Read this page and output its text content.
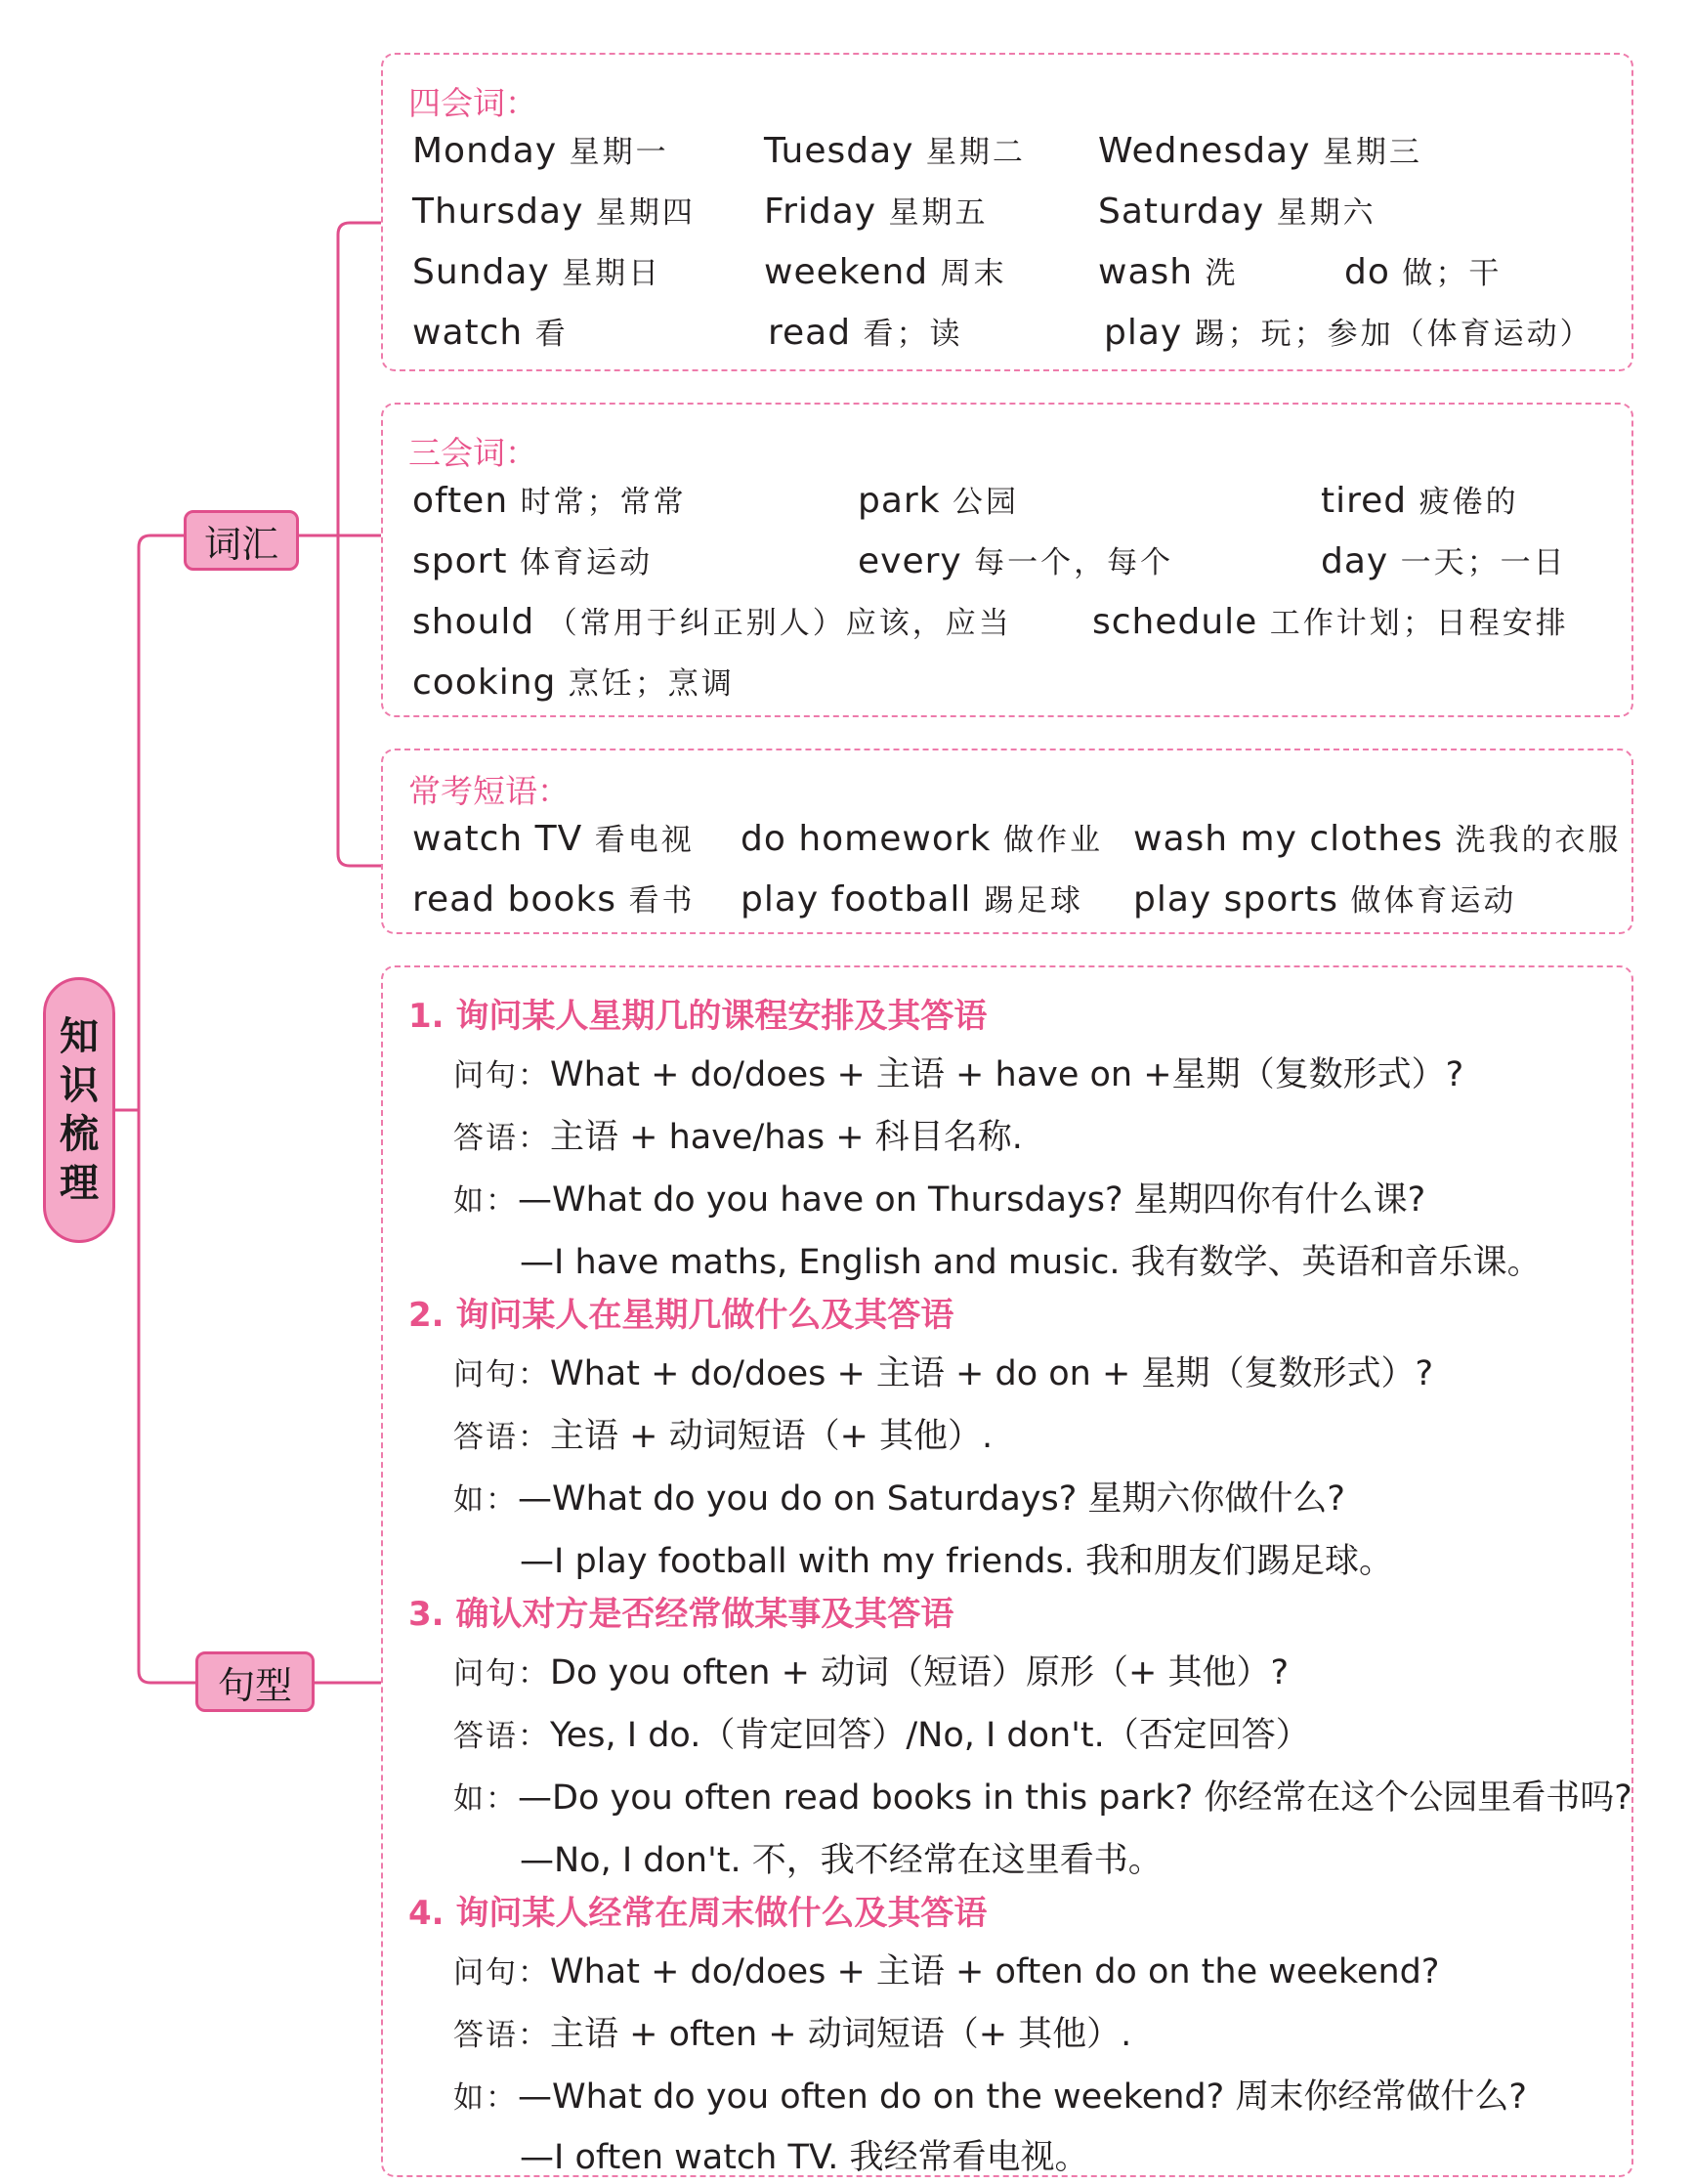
知
识
梳
理
词汇
句型
四会词：
Monday 星期一	Tuesday 星期二 Wednesday 星期三
Thursday 星期四 Friday 星期五	Saturday 星期六
Sunday 星期日	weekend 周末	wash 洗	do 做；干
watch 看	read 看；读	play 踢；玩；参加（体育运动）
三会词：
often 时常；常常	park 公园	tired 疲倦的
sport 体育运动	every 每一个，每个	day 一天；一日
should （常用于纠正别人）应该，应当 schedule 工作计划；日程安排
cooking 烹饪；烹调
常考短语：
watch TV 看电视 do homework 做作业 wash my clothes 洗我的衣服
read books 看书 play football 踢足球 play sports 做体育运动
1. 询问某人星期几的课程安排及其答语
问句：What + do/does + 主语 + have on +星期（复数形式）?
答语：主语 + have/has + 科目名称.
如：—What do you have on Thursdays? 星期四你有什么课?
—I have maths, English and music. 我有数学、英语和音乐课。
2. 询问某人在星期几做什么及其答语
问句：What + do/does + 主语 + do on + 星期（复数形式）?
答语：主语 + 动词短语（+ 其他）.
如：—What do you do on Saturdays? 星期六你做什么?
—I play football with my friends. 我和朋友们踢足球。
3. 确认对方是否经常做某事及其答语
问句：Do you often + 动词（短语）原形（+ 其他）?
答语：Yes, I do.（肯定回答）/No, I don't.（否定回答）
如：—Do you often read books in this park? 你经常在这个公园里看书吗?
—No, I don't. 不，我不经常在这里看书。
4. 询问某人经常在周末做什么及其答语
问句：What + do/does + 主语 + often do on the weekend?
答语：主语 + often + 动词短语（+ 其他）.
如：—What do you often do on the weekend? 周末你经常做什么?
—I often watch TV. 我经常看电视。
